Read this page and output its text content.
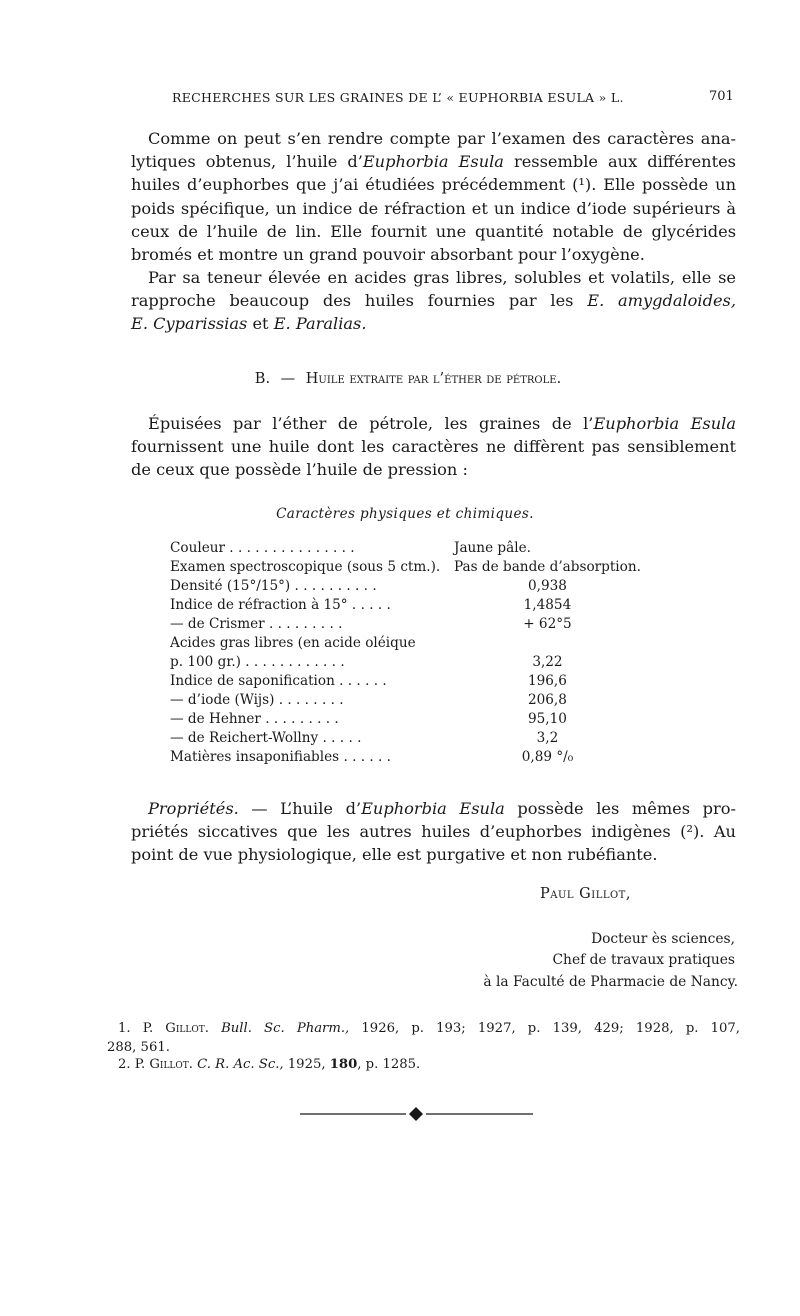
RECHERCHES SUR LES GRAINES DE L’ « EUPHORBIA ESULA » L.	701
Comme on peut s’en rendre compte par l’examen des caractères ana-
lytiques obtenus, l’huile d’Euphorbia Esula ressemble aux différentes
huiles d’euphorbes que j’ai étudiées précédemment (¹). Elle possède un
poids spécifique, un indice de réfraction et un indice d’iode supérieurs à
ceux de l’huile de lin. Elle fournit une quantité notable de glycérides
bromés et montre un grand pouvoir absorbant pour l’oxygène.
Par sa teneur élevée en acides gras libres, solubles et volatils, elle se
rapproche beaucoup des huiles fournies par les E. amygdaloides,
E. Cyparissias et E. Paralias.
B. — Huile extraite par l’éther de pétrole.
Épuisées par l’éther de pétrole, les graines de l’Euphorbia Esula
fournissent une huile dont les caractères ne diffèrent pas sensiblement
de ceux que possède l’huile de pression :
Caractères physiques et chimiques.
Couleur . . . . . . . . . . . . . . .	Jaune pâle.
Examen spectroscopique (sous 5 ctm.).	Pas de bande d’absorption.
Densité (15°/15°) . . . . . . . . . .	0,938
Indice de réfraction à 15° . . . . .	1,4854
— de Crismer . . . . . . . . .	+ 62°5
Acides gras libres (en acide oléique	
p. 100 gr.) . . . . . . . . . . . .	3,22
Indice de saponification . . . . . .	196,6
— d’iode (Wijs) . . . . . . . .	206,8
— de Hehner . . . . . . . . .	95,10
— de Reichert-Wollny . . . . .	3,2
Matières insaponifiables . . . . . .	0,89 °/₀
Propriétés. — L’huile d’Euphorbia Esula possède les mêmes pro-
priétés siccatives que les autres huiles d’euphorbes indigènes (²). Au
point de vue physiologique, elle est purgative et non rubéfiante.
Paul Gillot,
Docteur ès sciences,
Chef de travaux pratiques
à la Faculté de Pharmacie de Nancy.
1. P. Gillot. Bull. Sc. Pharm., 1926, p. 193; 1927, p. 139, 429; 1928, p. 107,
288, 561.
2. P. Gillot. C. R. Ac. Sc., 1925, 180, p. 1285.
